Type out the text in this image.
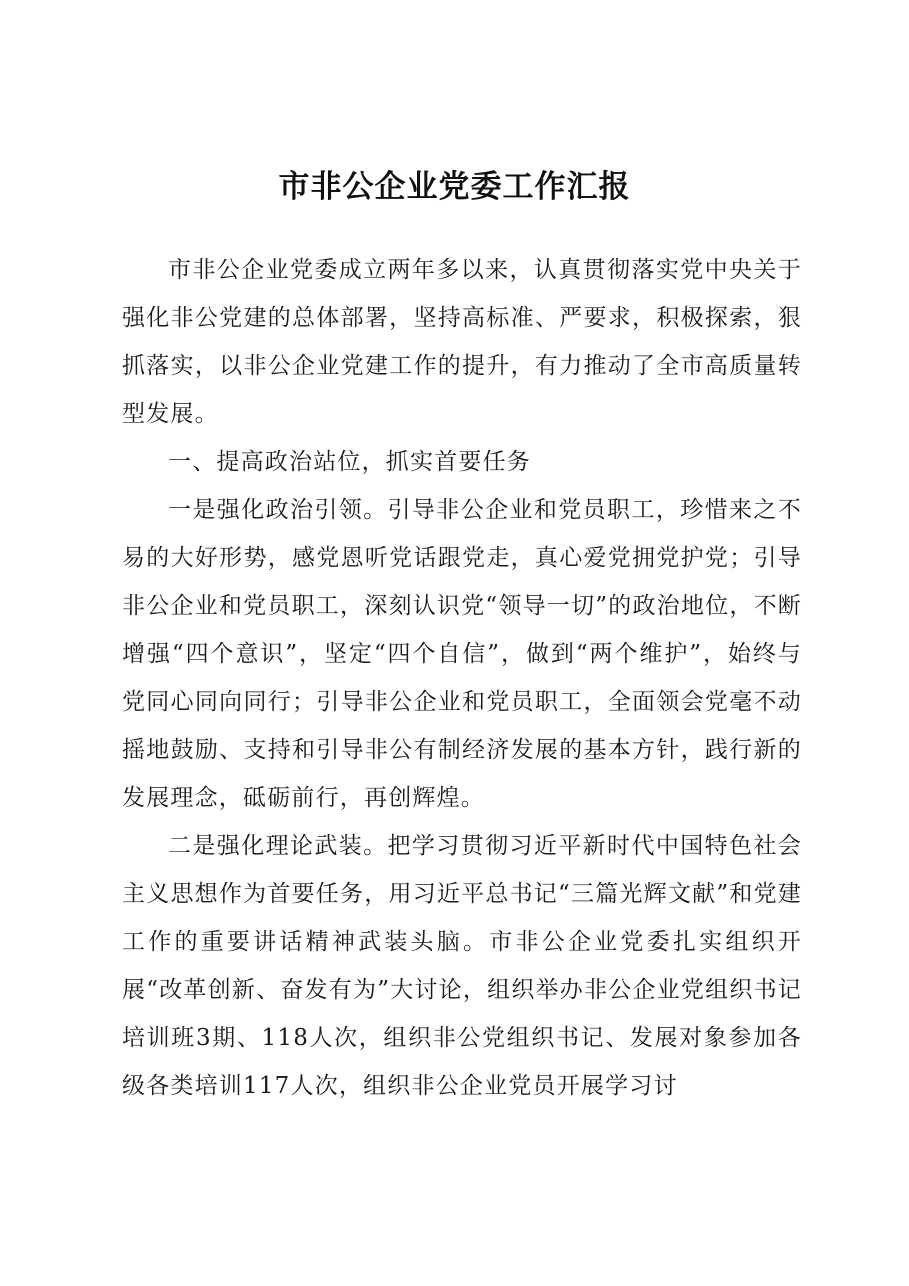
市非公企业党委工作汇报

市非公企业党委成立两年多以来，认真贯彻落实党中央关于强化非公党建的总体部署，坚持高标准、严要求，积极探索，狠抓落实，以非公企业党建工作的提升，有力推动了全市高质量转型发展。

一、提高政治站位，抓实首要任务

一是强化政治引领。引导非公企业和党员职工，珍惜来之不易的大好形势，感党恩听党话跟党走，真心爱党拥党护党；引导非公企业和党员职工，深刻认识党“领导一切”的政治地位，不断增强“四个意识”，坚定“四个自信”，做到“两个维护”，始终与党同心同向同行；引导非公企业和党员职工，全面领会党毫不动摇地鼓励、支持和引导非公有制经济发展的基本方针，践行新的发展理念，砥砺前行，再创辉煌。

二是强化理论武装。把学习贯彻习近平新时代中国特色社会主义思想作为首要任务，用习近平总书记“三篇光辉文献”和党建工作的重要讲话精神武装头脑。市非公企业党委扎实组织开展“改革创新、奋发有为”大讨论，组织举办非公企业党组织书记培训班3期、118人次，组织非公党组织书记、发展对象参加各级各类培训117人次，组织非公企业党员开展学习讨
